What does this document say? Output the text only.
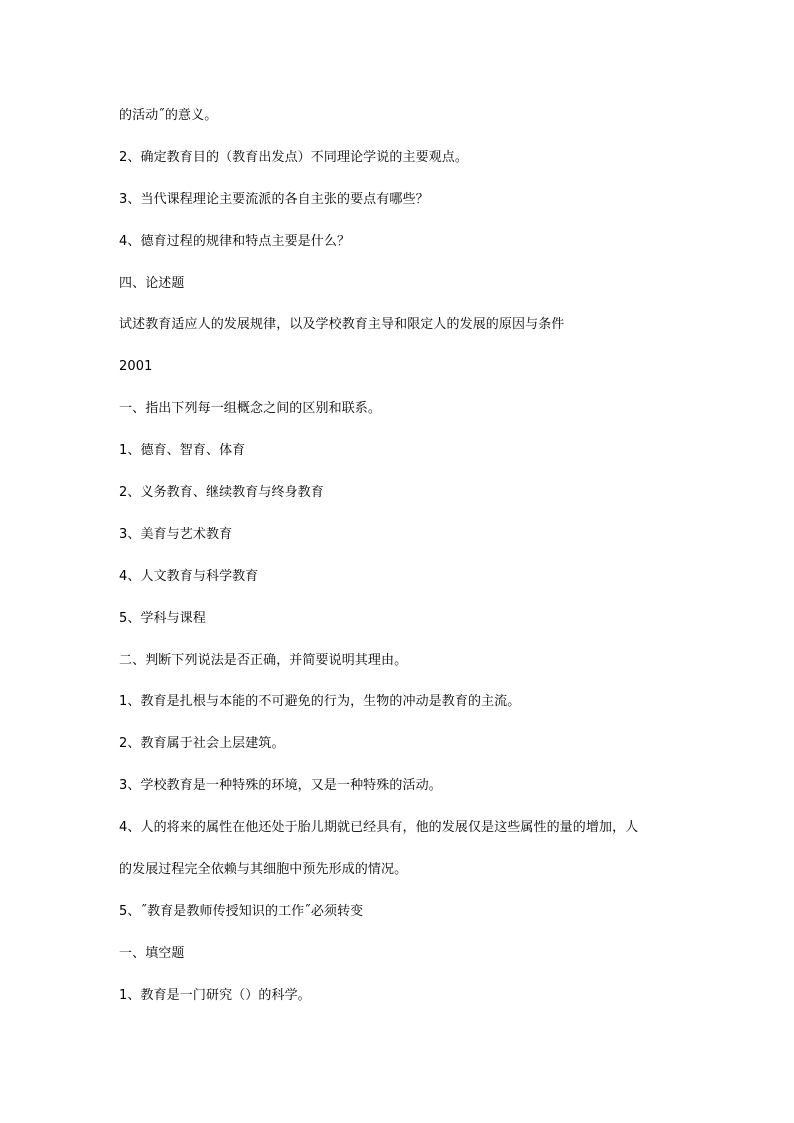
的活动˝的意义。
2、确定教育目的（教育出发点）不同理论学说的主要观点。
3、当代课程理论主要流派的各自主张的要点有哪些？
4、德育过程的规律和特点主要是什么？
四、论述题
试述教育适应人的发展规律，以及学校教育主导和限定人的发展的原因与条件
2001
一、指出下列每一组概念之间的区别和联系。
1、德育、智育、体育
2、义务教育、继续教育与终身教育
3、美育与艺术教育
4、人文教育与科学教育
5、学科与课程
二、判断下列说法是否正确，并简要说明其理由。
1、教育是扎根与本能的不可避免的行为，生物的冲动是教育的主流。
2、教育属于社会上层建筑。
3、学校教育是一种特殊的环境，又是一种特殊的活动。
4、人的将来的属性在他还处于胎儿期就已经具有，他的发展仅是这些属性的量的增加，人
的发展过程完全依赖与其细胞中预先形成的情况。
5、˝教育是教师传授知识的工作˝必须转变
一、填空题
1、教育是一门研究（）的科学。
